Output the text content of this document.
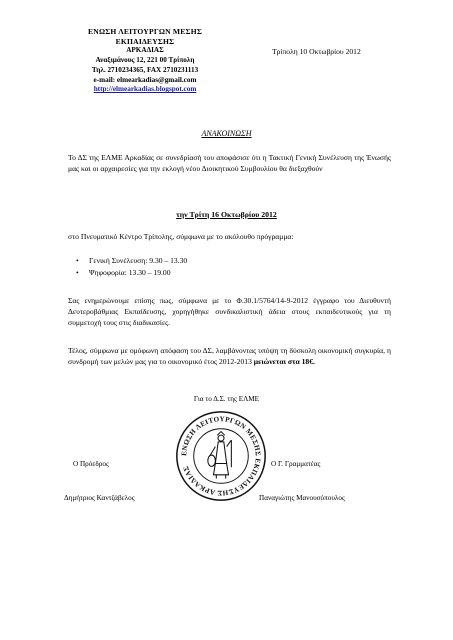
ΕΝΩΣΗ ΛΕΙΤΟΥΡΓΩΝ ΜΕΣΗΣ ΕΚΠΑΙΔΕΥΣΗΣ
ΑΡΚΑΔΙΑΣ
Αναξιμάνους 12, 221 00 Τρίπολη
Τηλ. 2710234365, FAX 2710231113
e-mail: elmearkadias@gmail.com
http://elmearkadias.blogspot.com
Τρίπολη 10 Οκτωβρίου 2012
ΑΝΑΚΟΙΝΩΣΗ
Το ΔΣ της ΕΛΜΕ Αρκαδίας σε συνεδρίασή του αποφάσισε ότι η Τακτική Γενική Συνέλευση της Ένωσής μας και οι αρχαιρεσίες για την εκλογή νέου Διοικητικού Συμβουλίου θα διεξαχθούν
την Τρίτη 16 Οκτωβρίου 2012
στο Πνευματικό Κέντρο Τρίπολης, σύμφωνα με το ακόλουθο πρόγραμμα:
• Γενική Συνέλευση: 9.30 – 13.30
• Ψηφοφορία: 13.30 – 19.00
Σας ενημερώνουμε επίσης πως, σύμφωνα με το Φ.30.1/5764/14-9-2012 έγγραφο του Διευθυντή Δευτεροβάθμιας Εκπαίδευσης, χορηγήθηκε συνδικαλιστική άδεια στους εκπαιδευτικούς για τη συμμετοχή τους στις διαδικασίες.
Τέλος, σύμφωνα με ομόφωνη απόφαση του ΔΣ, λαμβάνοντας υπόψη τη δύσκολη οικονομική συγκυρία, η συνδρομή των μελών μας για το οικονομικό έτος 2012-2013 μειώνεται στα 18€.
Για το Δ.Σ. της ΕΛΜΕ
ΕΝΩΣΗ ΛΕΙΤΟΥΡΓΩΝ ΜΕΣΗΣ ΕΚΠΑΙΔΕΥΣΗΣ ΑΡΚΑΔΙΑΣ
Ο Πρόεδρος	Ο Γ. Γραμματέας
Δημήτριος Καντζάβελος	Παναγιώτης Μανουσόπουλος
